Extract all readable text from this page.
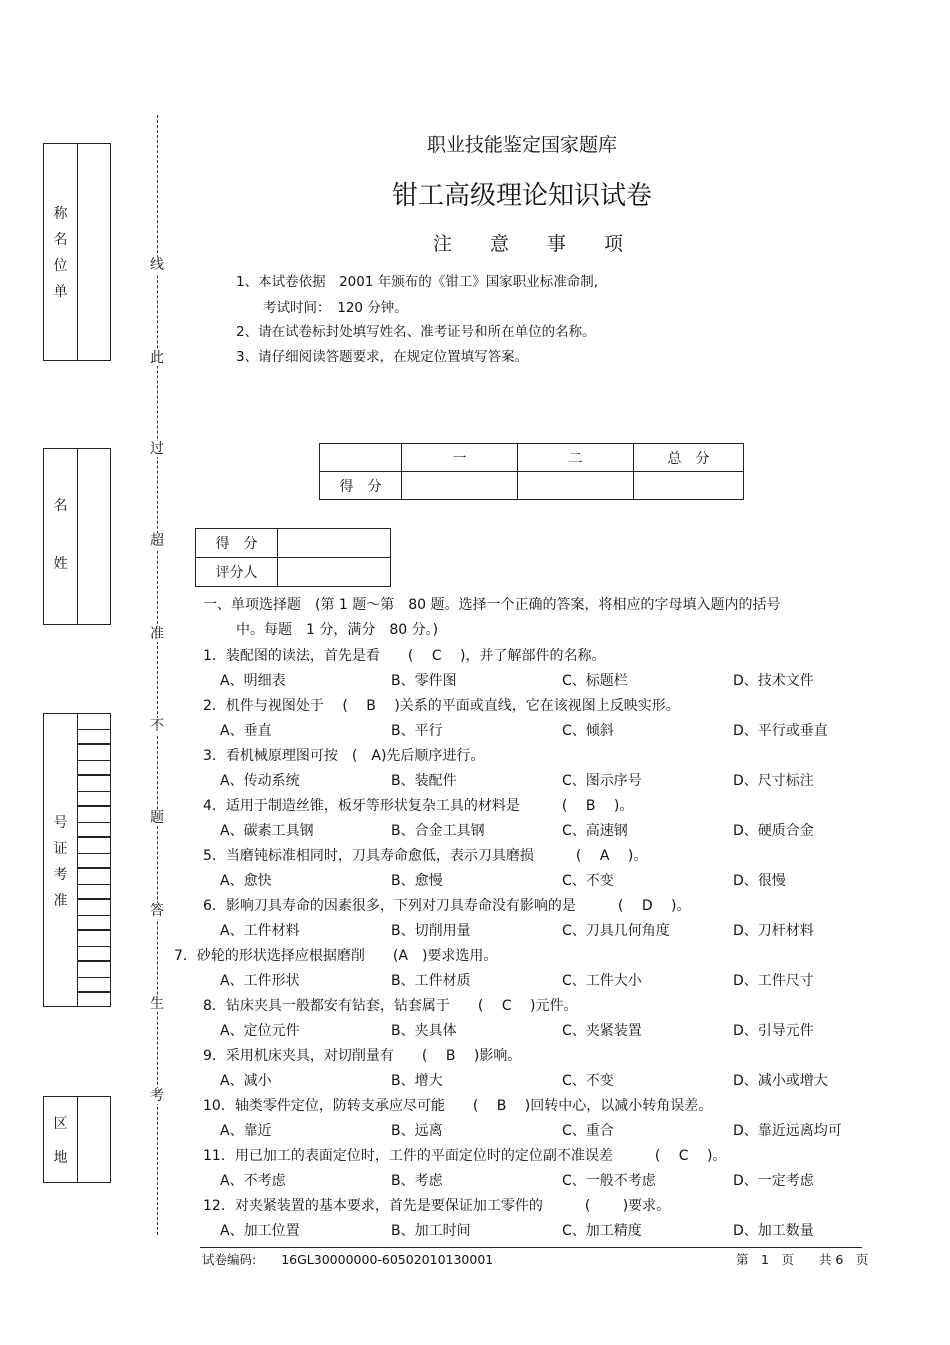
称
名
位
单
名
姓
号
证
考
准
区
地
线
此
过
超
准
不
题
答
生
考
职业技能鉴定国家题库
钳工高级理论知识试卷
注　　意　　事　　项
1、本试卷依据　2001 年颁布的《钳工》国家职业标准命制,
　　考试时间：　120 分钟。
2、请在试卷标封处填写姓名、准考证号和所在单位的名称。
3、请仔细阅读答题要求，在规定位置填写答案。
	一	二	总　分
得　分			
得　分	
评分人	
一、单项选择题　(第 1 题～第　80 题。选择一个正确的答案，将相应的字母填入题内的括号
中。每题　1 分，满分　80 分。)
1．装配图的读法，首先是看　　(　 C　 )，并了解部件的名称。
A、明细表	B、零件图	C、标题栏	D、技术文件
2．机件与视图处于　 (　 B　 )关系的平面或直线，它在该视图上反映实形。
A、垂直	B、平行	C、倾斜	D、平行或垂直
3．看机械原理图可按　(　A)先后顺序进行。
A、传动系统	B、装配件	C、图示序号	D、尺寸标注
4．适用于制造丝锥，板牙等形状复杂工具的材料是　　　(　 B　 )。
A、碳素工具钢	B、合金工具钢	C、高速钢	D、硬质合金
5．当磨钝标准相同时，刀具寿命愈低，表示刀具磨损　　　(　 A　 )。
A、愈快	B、愈慢	C、不变	D、很慢
6．影响刀具寿命的因素很多，下列对刀具寿命没有影响的是　　　(　 D　 )。
A、工件材料	B、切削用量	C、刀具几何角度	D、刀杆材料
7．砂轮的形状选择应根据磨削　　(A　)要求选用。
A、工件形状	B、工件材质	C、工件大小	D、工件尺寸
8．钻床夹具一般都安有钻套，钻套属于　　(　 C　 )元件。
A、定位元件	B、夹具体	C、夹紧装置	D、引导元件
9．采用机床夹具，对切削量有　　(　 B　 )影响。
A、减小	B、增大	C、不变	D、减小或增大
10．轴类零件定位，防转支承应尽可能　　(　 B　 )回转中心，以减小转角误差。
A、靠近	B、远离	C、重合	D、靠近远离均可
11．用已加工的表面定位时，工件的平面定位时的定位副不准误差　　　(　 C　 )。
A、不考虑	B、考虑	C、一般不考虑	D、一定考虑
12．对夹紧装置的基本要求，首先是要保证加工零件的　　　(　　 )要求。
A、加工位置	B、加工时间	C、加工精度	D、加工数量
试卷编码:　　16GL30000000-60502010130001	第　1　页　　共 6　页
